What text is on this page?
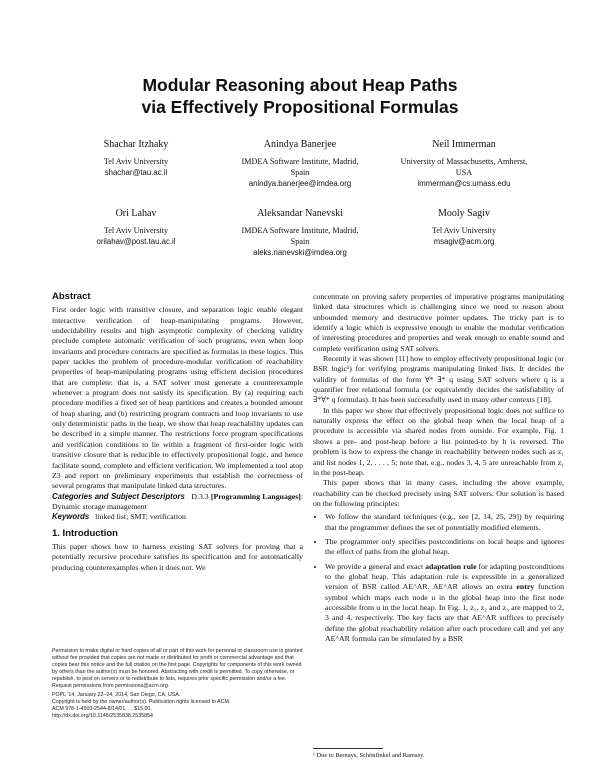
Modular Reasoning about Heap Paths
via Effectively Propositional Formulas
Shachar Itzhaky
Tel Aviv University
shachar@tau.ac.il
Anindya Banerjee
IMDEA Software Institute, Madrid,
Spain
anindya.banerjee@imdea.org
Neil Immerman
University of Massachusetts, Amherst,
USA
immerman@cs.umass.edu
Ori Lahav
Tel Aviv University
orilahav@post.tau.ac.il
Aleksandar Nanevski
IMDEA Software Institute, Madrid,
Spain
aleks.nanevski@imdea.org
Mooly Sagiv
Tel Aviv University
msagiv@acm.org
Abstract

First order logic with transitive closure, and separation logic enable elegant interactive verification of heap-manipulating programs. However, undecidability results and high asymptotic complexity of checking validity preclude complete automatic verification of such programs, even when loop invariants and procedure contracts are specified as formulas in these logics. This paper tackles the problem of procedure-modular verification of reachability properties of heap-manipulating programs using efficient decision procedures that are complete: that is, a SAT solver must generate a counterexample whenever a program does not satisfy its specification. By (a) requiring each procedure modifies a fixed set of heap partitions and creates a bounded amount of heap sharing, and (b) restricting program contracts and loop invariants to use only deterministic paths in the heap, we show that heap reachability updates can be described in a simple manner. The restrictions force program specifications and verification conditions to lie within a fragment of first-order logic with transitive closure that is reducible to effectively propositional logic, and hence facilitate sound, complete and efficient verification. We implemented a tool atop Z3 and report on preliminary experiments that establish the correctness of several programs that manipulate linked data structures.

Categories and Subject Descriptors D.3.3 [Programming Languages]: Dynamic storage management

Keywords linked list; SMT; verification

1. Introduction

This paper shows how to harness existing SAT solvers for proving that a potentially recursive procedure satisfies its specification and for automatically producing counterexamples when it does not. We

Permission to make digital or hard copies of all or part of this work for personal or classroom use is granted without fee provided that copies are not made or distributed for profit or commercial advantage and that copies bear this notice and the full citation on the first page. Copyrights for components of this work owned by others than the author(s) must be honored. Abstracting with credit is permitted. To copy otherwise, or republish, to post on servers or to redistribute to lists, requires prior specific permission and/or a fee. Request permissions from permissions@acm.org.
POPL '14, January 22–24, 2014, San Diego, CA, USA.
Copyright is held by the owner/author(s). Publication rights licensed to ACM.
ACM 978-1-4503-2544-8/14/01. . . $15.00.
http://dx.doi.org/10.1145/2535838.2535854

concentrate on proving safety properties of imperative programs manipulating linked data structures which is challenging since we need to reason about unbounded memory and destructive pointer updates. The tricky part is to identify a logic which is expressive enough to enable the modular verification of interesting procedures and properties and weak enough to enable sound and complete verification using SAT solvers.

Recently it was shown [11] how to employ effectively propositional logic (or BSR logic¹) for verifying programs manipulating linked lists. It decides the validity of formulas of the form ∀* ∃* q using SAT solvers where q is a quantifier free relational formula (or equivalently decides the satisfiability of ∃*∀* q formulas). It has been successfully used in many other contexts [18].

In this paper we show that effectively propositional logic does not suffice to naturally express the effect on the global heap when the local heap of a procedure is accessible via shared nodes from outside. For example, Fig. 1 shows a pre- and post-heap before a list pointed-to by h is reversed. The problem is how to express the change in reachability between nodes such as z₁ and list nodes 1, 2, . . . , 5; note that, e.g., nodes 3, 4, 5 are unreachable from z₁ in the post-heap.

This paper shows that in many cases, including the above example, reachability can be checked precisely using SAT solvers. Our solution is based on the following principles:

• We follow the standard techniques (e.g., see [2, 14, 25, 29]) by requiring that the programmer defines the set of potentially modified elements.
• The programmer only specifies postconditions on local heaps and ignores the effect of paths from the global heap.
• We provide a general and exact adaptation rule for adapting postconditions to the global heap. This adaptation rule is expressible in a generalized version of BSR called AE^AR. AE^AR allows an extra entry function symbol which maps each node u in the global heap into the first node accessible from u in the local heap. In Fig. 1, z₁, z₂ and z₃ are mapped to 2, 3 and 4, respectively. The key facts are that AE^AR suffices to precisely define the global reachability relation after each procedure call and yet any AE^AR formula can be simulated by a BSR
¹ Due to Bernays, Schönfinkel and Ramsey.
